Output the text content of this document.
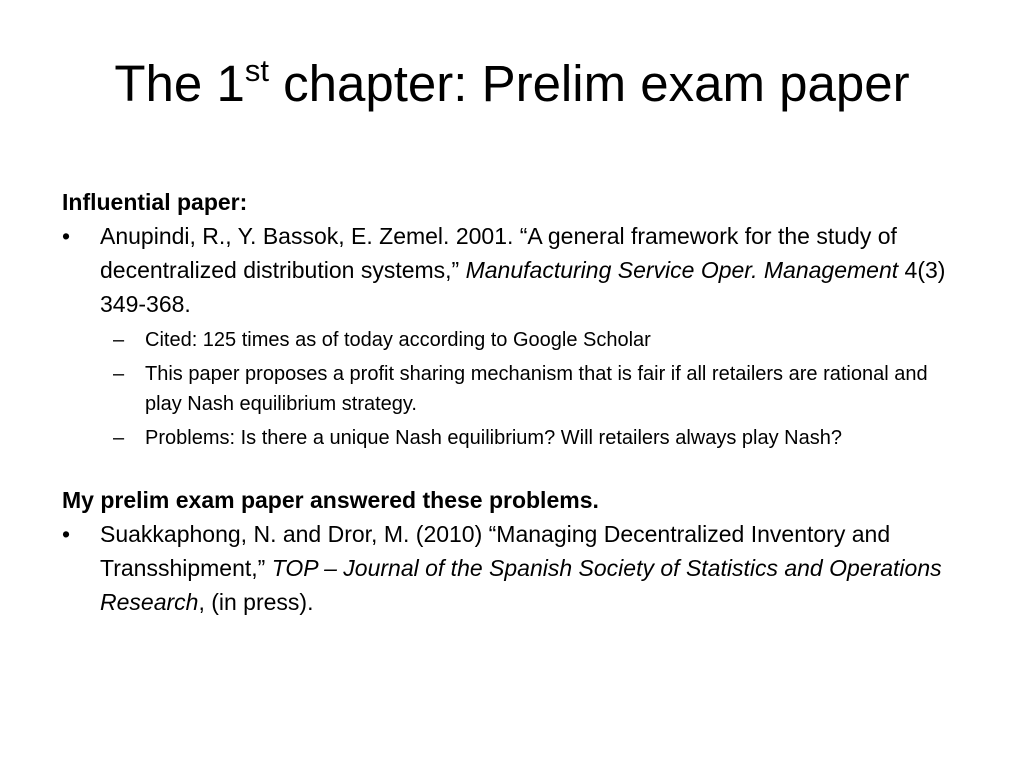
The 1st chapter: Prelim exam paper
Influential paper:
• Anupindi, R., Y. Bassok, E. Zemel. 2001. “A general framework for the study of decentralized distribution systems,” Manufacturing Service Oper. Management 4(3) 349-368.
– Cited: 125 times as of today according to Google Scholar
– This paper proposes a profit sharing mechanism that is fair if all retailers are rational and play Nash equilibrium strategy.
– Problems: Is there a unique Nash equilibrium? Will retailers always play Nash?
My prelim exam paper answered these problems.
• Suakkaphong, N. and Dror, M. (2010) “Managing Decentralized Inventory and Transshipment,” TOP – Journal of the Spanish Society of Statistics and Operations Research, (in press).
